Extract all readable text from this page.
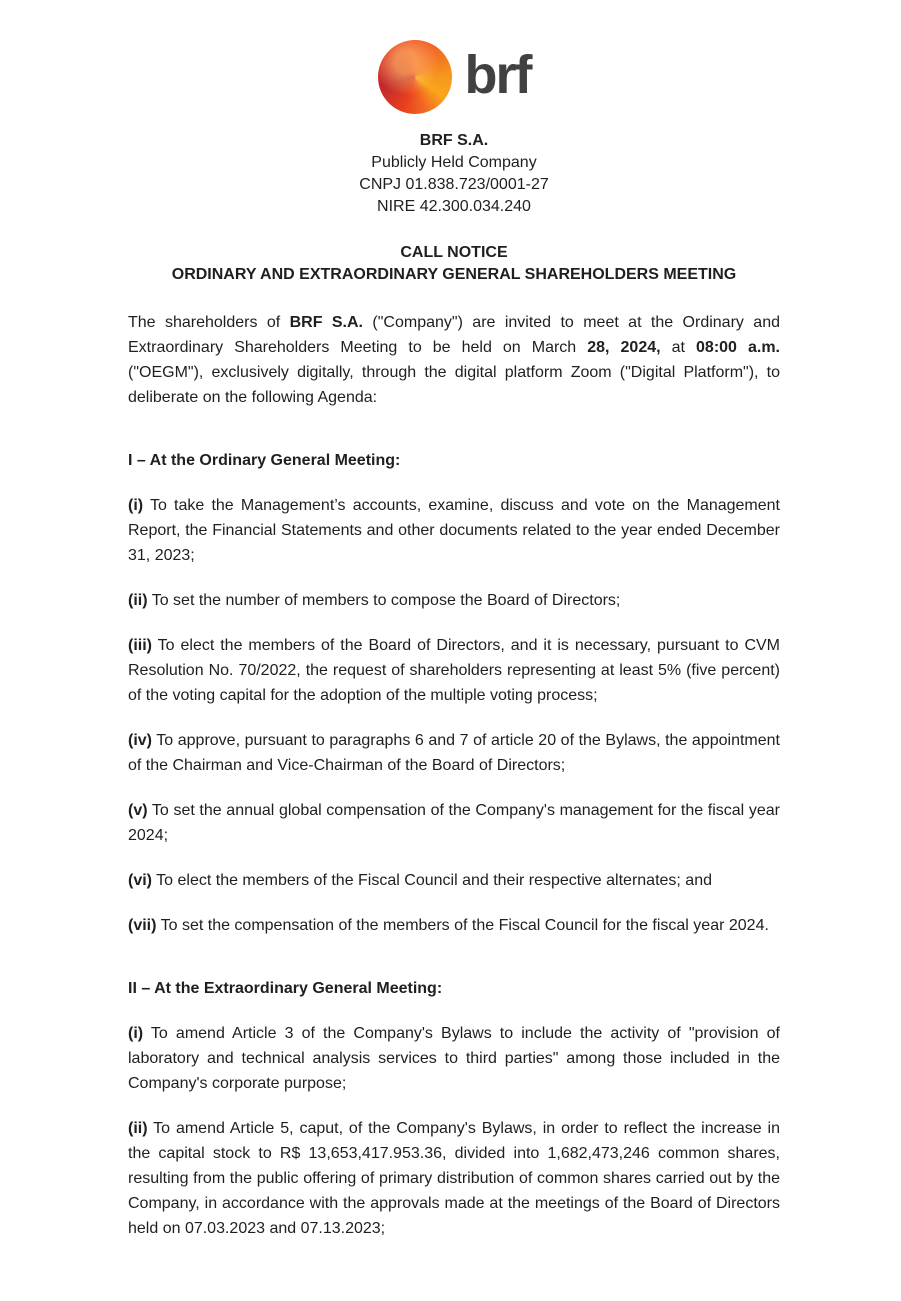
brf
BRF S.A.
Publicly Held Company
CNPJ 01.838.723/0001-27
NIRE 42.300.034.240
CALL NOTICE
ORDINARY AND EXTRAORDINARY GENERAL SHAREHOLDERS MEETING

The shareholders of BRF S.A. ("Company") are invited to meet at the Ordinary and Extraordinary Shareholders Meeting to be held on March 28, 2024, at 08:00 a.m. ("OEGM"), exclusively digitally, through the digital platform Zoom ("Digital Platform"), to deliberate on the following Agenda:

I – At the Ordinary General Meeting:

(i) To take the Management’s accounts, examine, discuss and vote on the Management Report, the Financial Statements and other documents related to the year ended December 31, 2023;

(ii) To set the number of members to compose the Board of Directors;

(iii) To elect the members of the Board of Directors, and it is necessary, pursuant to CVM Resolution No. 70/2022, the request of shareholders representing at least 5% (five percent) of the voting capital for the adoption of the multiple voting process;

(iv) To approve, pursuant to paragraphs 6 and 7 of article 20 of the Bylaws, the appointment of the Chairman and Vice-Chairman of the Board of Directors;

(v) To set the annual global compensation of the Company's management for the fiscal year 2024;

(vi) To elect the members of the Fiscal Council and their respective alternates; and

(vii) To set the compensation of the members of the Fiscal Council for the fiscal year 2024.

II – At the Extraordinary General Meeting:

(i) To amend Article 3 of the Company's Bylaws to include the activity of "provision of laboratory and technical analysis services to third parties" among those included in the Company's corporate purpose;

(ii) To amend Article 5, caput, of the Company's Bylaws, in order to reflect the increase in the capital stock to R$ 13,653,417.953.36, divided into 1,682,473,246 common shares, resulting from the public offering of primary distribution of common shares carried out by the Company, in accordance with the approvals made at the meetings of the Board of Directors held on 07.03.2023 and 07.13.2023;
